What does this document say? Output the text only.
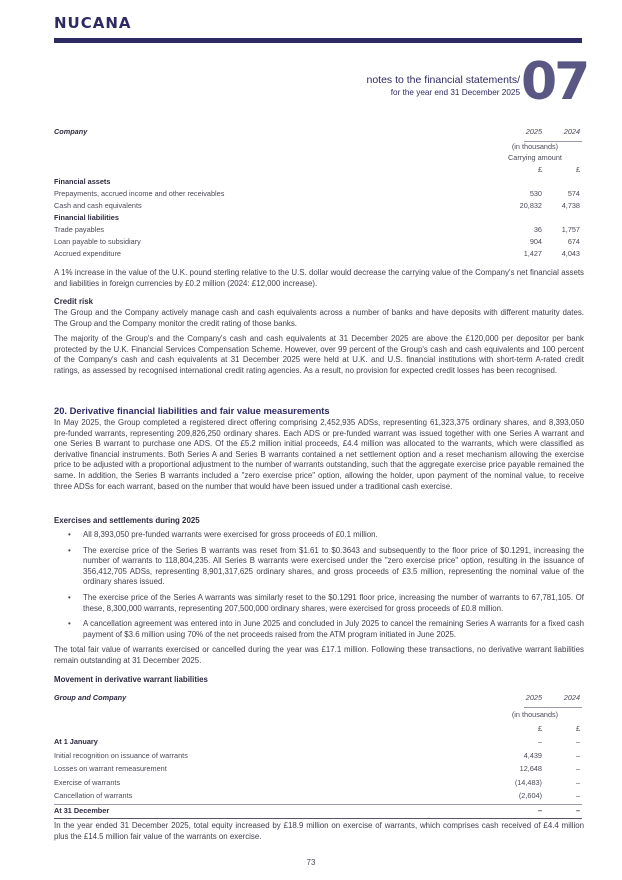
NUCANA
notes to the financial statements/
for the year end 31 December 2025 07
Company	2025	2024
(in thousands)
Carrying amount
£	£
Financial assets
Prepayments, accrued income and other receivables	530	574
Cash and cash equivalents	20,832	4,738
Financial liabilities
Trade payables	36	1,757
Loan payable to subsidiary	904	674
Accrued expenditure	1,427	4,043
A 1% increase in the value of the U.K. pound sterling relative to the U.S. dollar would decrease the carrying value of the Company's net financial assets and liabilities in foreign currencies by £0.2 million (2024: £12,000 increase).
Credit risk
The Group and the Company actively manage cash and cash equivalents across a number of banks and have deposits with different maturity dates. The Group and the Company monitor the credit rating of those banks.
The majority of the Group's and the Company's cash and cash equivalents at 31 December 2025 are above the £120,000 per depositor per bank protected by the U.K. Financial Services Compensation Scheme. However, over 99 percent of the Group's cash and cash equivalents and 100 percent of the Company's cash and cash equivalents at 31 December 2025 were held at U.K. and U.S. financial institutions with short-term A-rated credit ratings, as assessed by recognised international credit rating agencies. As a result, no provision for expected credit losses has been recognised.
20. Derivative financial liabilities and fair value measurements
In May 2025, the Group completed a registered direct offering comprising 2,452,935 ADSs, representing 61,323,375 ordinary shares, and 8,393,050 pre-funded warrants, representing 209,826,250 ordinary shares. Each ADS or pre-funded warrant was issued together with one Series A warrant and one Series B warrant to purchase one ADS. Of the £5.2 million initial proceeds, £4.4 million was allocated to the warrants, which were classified as derivative financial instruments. Both Series A and Series B warrants contained a net settlement option and a reset mechanism allowing the exercise price to be adjusted with a proportional adjustment to the number of warrants outstanding, such that the aggregate exercise price payable remained the same. In addition, the Series B warrants included a "zero exercise price" option, allowing the holder, upon payment of the nominal value, to receive three ADSs for each warrant, based on the number that would have been issued under a traditional cash exercise.
Exercises and settlements during 2025
• All 8,393,050 pre-funded warrants were exercised for gross proceeds of £0.1 million.
• The exercise price of the Series B warrants was reset from $1.61 to $0.3643 and subsequently to the floor price of $0.1291, increasing the number of warrants to 118,804,235. All Series B warrants were exercised under the "zero exercise price" option, resulting in the issuance of 356,412,705 ADSs, representing 8,901,317,625 ordinary shares, and gross proceeds of £3.5 million, representing the nominal value of the ordinary shares issued.
• The exercise price of the Series A warrants was similarly reset to the $0.1291 floor price, increasing the number of warrants to 67,781,105. Of these, 8,300,000 warrants, representing 207,500,000 ordinary shares, were exercised for gross proceeds of £0.8 million.
• A cancellation agreement was entered into in June 2025 and concluded in July 2025 to cancel the remaining Series A warrants for a fixed cash payment of $3.6 million using 70% of the net proceeds raised from the ATM program initiated in June 2025.
The total fair value of warrants exercised or cancelled during the year was £17.1 million. Following these transactions, no derivative warrant liabilities remain outstanding at 31 December 2025.
Movement in derivative warrant liabilities
Group and Company	2025	2024
(in thousands)
£	£
At 1 January	–	–
Initial recognition on issuance of warrants	4,439	–
Losses on warrant remeasurement	12,648	–
Exercise of warrants	(14,483)	–
Cancellation of warrants	(2,604)	–
At 31 December	–	–
In the year ended 31 December 2025, total equity increased by £18.9 million on exercise of warrants, which comprises cash received of £4.4 million plus the £14.5 million fair value of the warrants on exercise.
73
